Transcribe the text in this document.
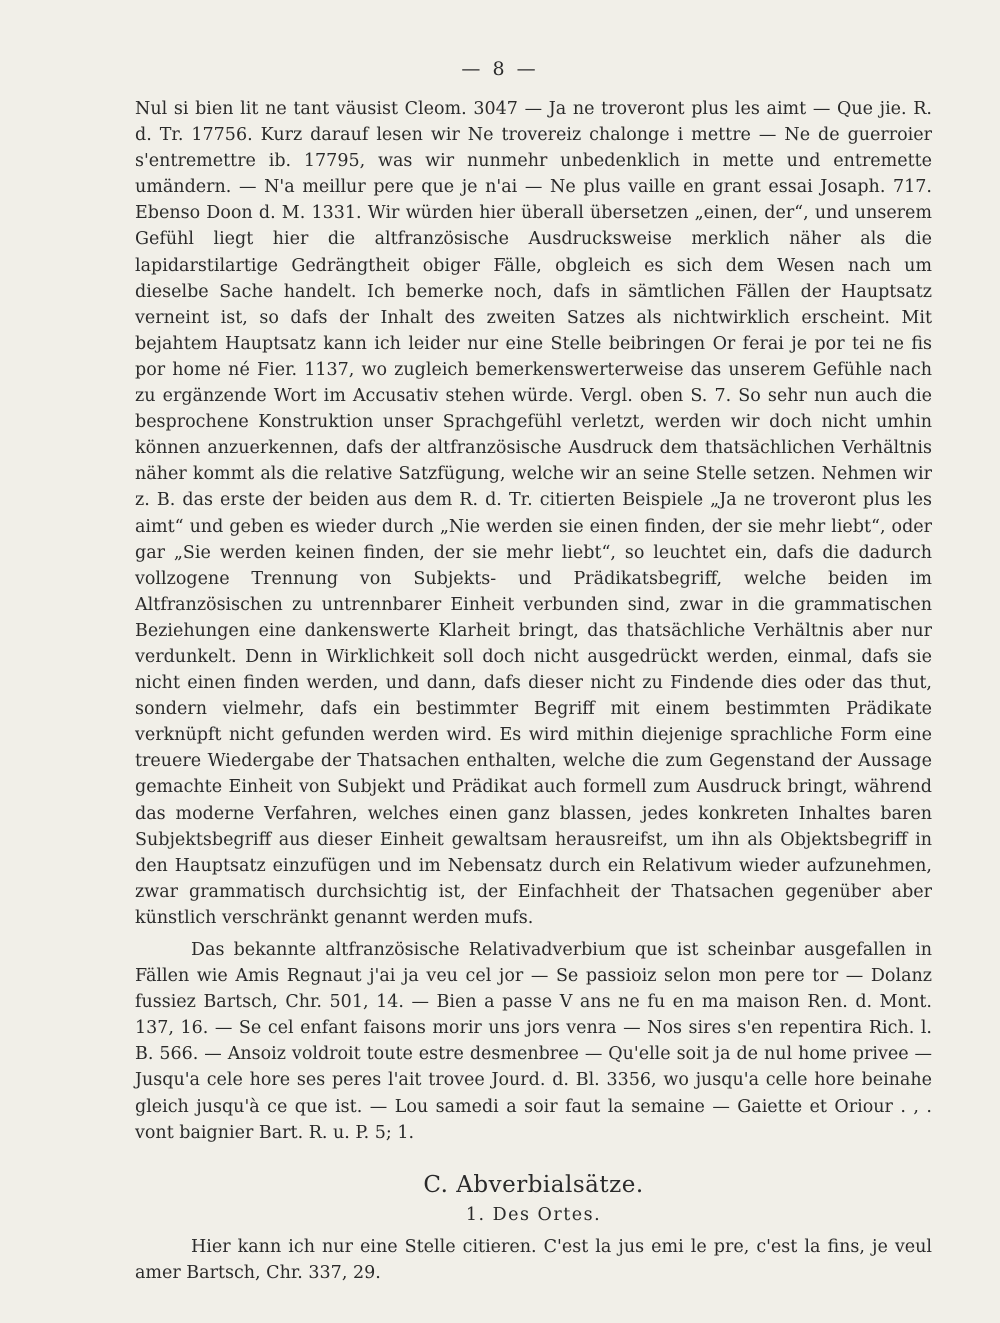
— 8 —

Nul si bien lit ne tant väusist Cleom. 3047 — Ja ne troveront plus les aimt — Que jie. R. d. Tr. 17756. Kurz darauf lesen wir Ne trovereiz chalonge i mettre — Ne de guerroier s'entremettre ib. 17795, was wir nunmehr unbedenklich in mette und entremette umändern. — N'a meillur pere que je n'ai — Ne plus vaille en grant essai Josaph. 717. Ebenso Doon d. M. 1331. Wir würden hier überall übersetzen „einen, der“, und unserem Gefühl liegt hier die altfranzösische Ausdrucksweise merklich näher als die lapidarstilartige Gedrängtheit obiger Fälle, obgleich es sich dem Wesen nach um dieselbe Sache handelt. Ich bemerke noch, dafs in sämtlichen Fällen der Hauptsatz verneint ist, so dafs der Inhalt des zweiten Satzes als nichtwirklich erscheint. Mit bejahtem Hauptsatz kann ich leider nur eine Stelle beibringen Or ferai je por tei ne fis por home né Fier. 1137, wo zugleich bemerkenswerterweise das unserem Gefühle nach zu ergänzende Wort im Accusativ stehen würde. Vergl. oben S. 7. So sehr nun auch die besprochene Konstruktion unser Sprachgefühl verletzt, werden wir doch nicht umhin können anzuerkennen, dafs der altfranzösische Ausdruck dem thatsächlichen Verhältnis näher kommt als die relative Satzfügung, welche wir an seine Stelle setzen. Nehmen wir z. B. das erste der beiden aus dem R. d. Tr. citierten Beispiele „Ja ne troveront plus les aimt“ und geben es wieder durch „Nie werden sie einen finden, der sie mehr liebt“, oder gar „Sie werden keinen finden, der sie mehr liebt“, so leuchtet ein, dafs die dadurch vollzogene Trennung von Subjekts- und Prädikatsbegriff, welche beiden im Altfranzösischen zu untrennbarer Einheit verbunden sind, zwar in die grammatischen Beziehungen eine dankenswerte Klarheit bringt, das thatsächliche Verhältnis aber nur verdunkelt. Denn in Wirklichkeit soll doch nicht ausgedrückt werden, einmal, dafs sie nicht einen finden werden, und dann, dafs dieser nicht zu Findende dies oder das thut, sondern vielmehr, dafs ein bestimmter Begriff mit einem bestimmten Prädikate verknüpft nicht gefunden werden wird. Es wird mithin diejenige sprachliche Form eine treuere Wiedergabe der Thatsachen enthalten, welche die zum Gegenstand der Aussage gemachte Einheit von Subjekt und Prädikat auch formell zum Ausdruck bringt, während das moderne Verfahren, welches einen ganz blassen, jedes konkreten Inhaltes baren Subjektsbegriff aus dieser Einheit gewaltsam herausreifst, um ihn als Objektsbegriff in den Hauptsatz einzufügen und im Nebensatz durch ein Relativum wieder aufzunehmen, zwar grammatisch durchsichtig ist, der Einfachheit der Thatsachen gegenüber aber künstlich verschränkt genannt werden mufs.

Das bekannte altfranzösische Relativadverbium que ist scheinbar ausgefallen in Fällen wie Amis Regnaut j'ai ja veu cel jor — Se passioiz selon mon pere tor — Dolanz fussiez Bartsch, Chr. 501, 14. — Bien a passe V ans ne fu en ma maison Ren. d. Mont. 137, 16. — Se cel enfant faisons morir uns jors venra — Nos sires s'en repentira Rich. l. B. 566. — Ansoiz voldroit toute estre desmenbree — Qu'elle soit ja de nul home privee — Jusqu'a cele hore ses peres l'ait trovee Jourd. d. Bl. 3356, wo jusqu'a celle hore beinahe gleich jusqu'à ce que ist. — Lou samedi a soir faut la semaine — Gaiette et Oriour . , . vont baignier Bart. R. u. P. 5; 1.

C. Abverbialsätze.
1. Des Ortes.

Hier kann ich nur eine Stelle citieren. C'est la jus emi le pre, c'est la fins, je veul amer Bartsch, Chr. 337, 29.
